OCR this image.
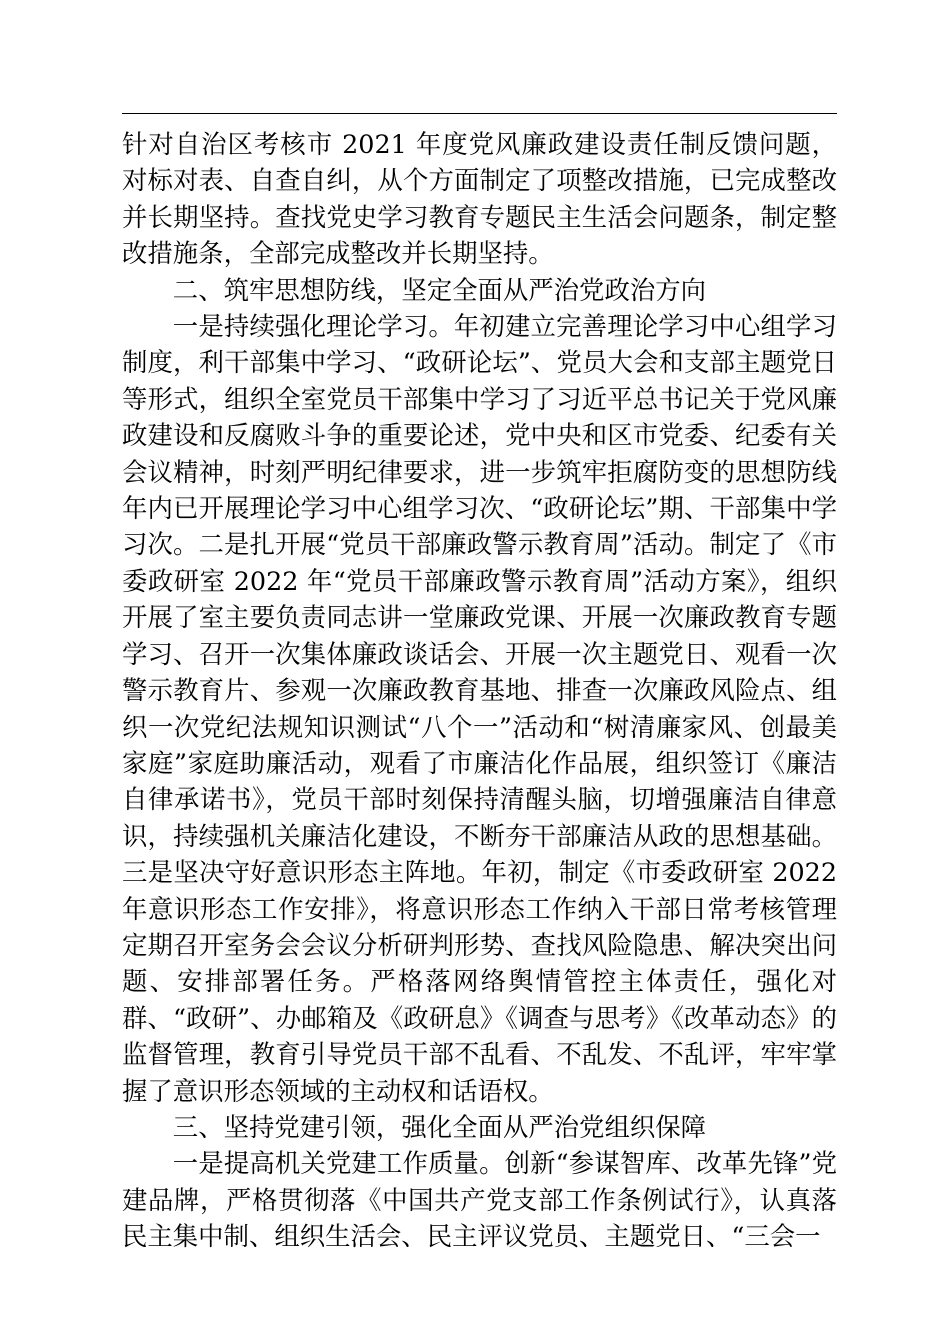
针对自治区考核市 2021 年度党风廉政建设责任制反馈问题，对标对表、自查自纠，从个方面制定了项整改措施，已完成整改并长期坚持。查找党史学习教育专题民主生活会问题条，制定整改措施条，全部完成整改并长期坚持。

二、筑牢思想防线，坚定全面从严治党政治方向

一是持续强化理论学习。年初建立完善理论学习中心组学习制度，利干部集中学习、“政研论坛”、党员大会和支部主题党日等形式，组织全室党员干部集中学习了习近平总书记关于党风廉政建设和反腐败斗争的重要论述，党中央和区市党委、纪委有关会议精神，时刻严明纪律要求，进一步筑牢拒腐防变的思想防线年内已开展理论学习中心组学习次、“政研论坛”期、干部集中学习次。二是扎开展“党员干部廉政警示教育周”活动。制定了《市委政研室 2022 年“党员干部廉政警示教育周”活动方案》，组织开展了室主要负责同志讲一堂廉政党课、开展一次廉政教育专题学习、召开一次集体廉政谈话会、开展一次主题党日、观看一次警示教育片、参观一次廉政教育基地、排查一次廉政风险点、组织一次党纪法规知识测试“八个一”活动和“树清廉家风、创最美家庭”家庭助廉活动，观看了市廉洁化作品展，组织签订《廉洁自律承诺书》，党员干部时刻保持清醒头脑，切增强廉洁自律意识，持续强机关廉洁化建设，不断夯干部廉洁从政的思想基础。三是坚决守好意识形态主阵地。年初，制定《市委政研室 2022 年意识形态工作安排》，将意识形态工作纳入干部日常考核管理定期召开室务会会议分析研判形势、查找风险隐患、解决突出问题、安排部署任务。严格落网络舆情管控主体责任，强化对群、“政研”、办邮箱及《政研息》《调查与思考》《改革动态》的监督管理，教育引导党员干部不乱看、不乱发、不乱评，牢牢掌握了意识形态领域的主动权和话语权。

三、坚持党建引领，强化全面从严治党组织保障

一是提高机关党建工作质量。创新“参谋智库、改革先锋”党建品牌，严格贯彻落《中国共产党支部工作条例试行》，认真落民主集中制、组织生活会、民主评议党员、主题党日、“三会一
